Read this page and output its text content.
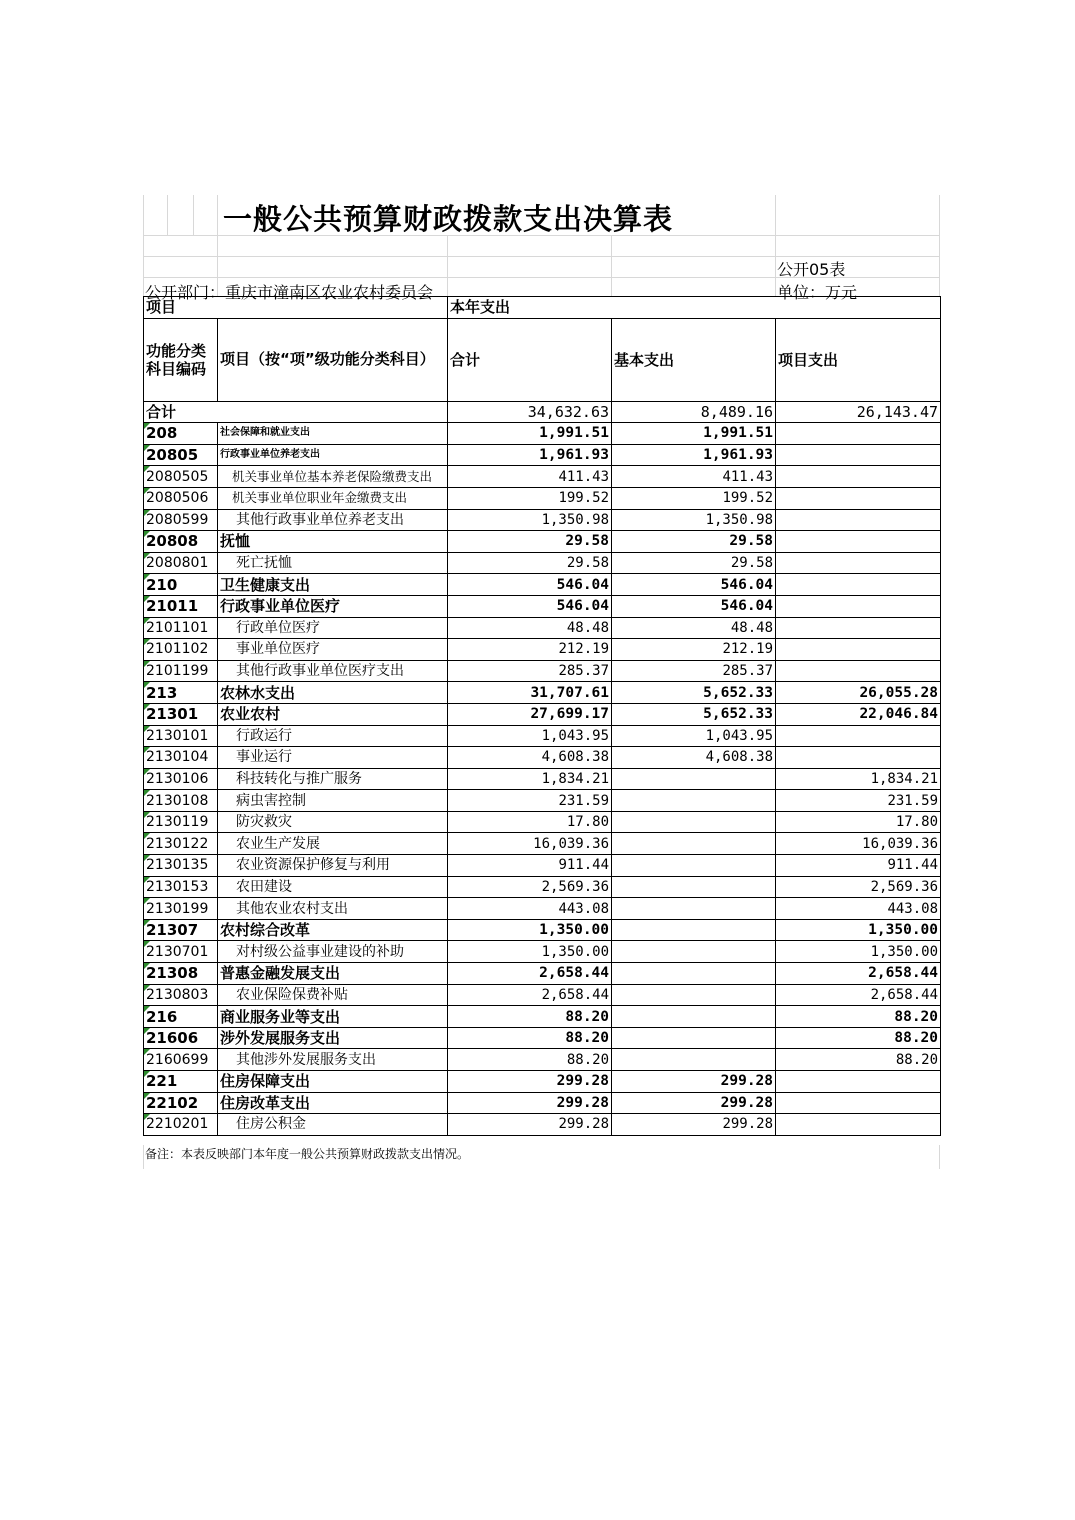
一般公共预算财政拨款支出决算表
公开05表
公开部门：重庆市潼南区农业农村委员会	单位：万元
项目		本年支出		
功能分类科目编码	项目（按“项”级功能分类科目）	合计	基本支出	项目支出
合计		34,632.63	8,489.16	26,143.47
208	社会保障和就业支出	1,991.51	1,991.51	
20805	行政事业单位养老支出	1,961.93	1,961.93	
2080505	机关事业单位基本养老保险缴费支出	411.43	411.43	
2080506	机关事业单位职业年金缴费支出	199.52	199.52	
2080599	其他行政事业单位养老支出	1,350.98	1,350.98	
20808	抚恤	29.58	29.58	
2080801	死亡抚恤	29.58	29.58	
210	卫生健康支出	546.04	546.04	
21011	行政事业单位医疗	546.04	546.04	
2101101	行政单位医疗	48.48	48.48	
2101102	事业单位医疗	212.19	212.19	
2101199	其他行政事业单位医疗支出	285.37	285.37	
213	农林水支出	31,707.61	5,652.33	26,055.28
21301	农业农村	27,699.17	5,652.33	22,046.84
2130101	行政运行	1,043.95	1,043.95	
2130104	事业运行	4,608.38	4,608.38	
2130106	科技转化与推广服务	1,834.21		1,834.21
2130108	病虫害控制	231.59		231.59
2130119	防灾救灾	17.80		17.80
2130122	农业生产发展	16,039.36		16,039.36
2130135	农业资源保护修复与利用	911.44		911.44
2130153	农田建设	2,569.36		2,569.36
2130199	其他农业农村支出	443.08		443.08
21307	农村综合改革	1,350.00		1,350.00
2130701	对村级公益事业建设的补助	1,350.00		1,350.00
21308	普惠金融发展支出	2,658.44		2,658.44
2130803	农业保险保费补贴	2,658.44		2,658.44
216	商业服务业等支出	88.20		88.20
21606	涉外发展服务支出	88.20		88.20
2160699	其他涉外发展服务支出	88.20		88.20
221	住房保障支出	299.28	299.28	
22102	住房改革支出	299.28	299.28	
2210201	住房公积金	299.28	299.28	
备注：本表反映部门本年度一般公共预算财政拨款支出情况。
